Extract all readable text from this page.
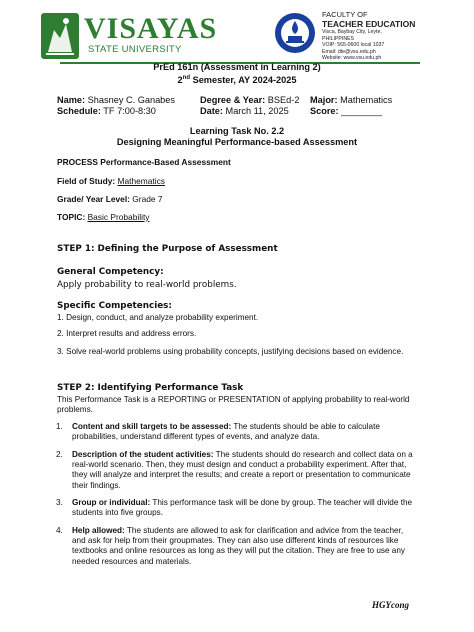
VISAYAS
STATE UNIVERSITY
FACULTY OF
TEACHER EDUCATION
Visca, Baybay City, Leyte,
PHILIPPINES
VOIP: 565-0600 local 1037
Email: dte@vsu.edu.ph
Website: www.vsu.edu.ph
PrEd 161n (Assessment in Learning 2)
2nd Semester, AY 2024-2025
Name: Shasney C. Ganabes	Degree & Year: BSEd-2 Major: Mathematics
Schedule: TF 7:00-8:30	Date: March 11, 2025 Score: ________
Learning Task No. 2.2
Designing Meaningful Performance-based Assessment
PROCESS Performance-Based Assessment
Field of Study: Mathematics
Grade/ Year Level: Grade 7
TOPIC: Basic Probability
STEP 1: Defining the Purpose of Assessment
General Competency:
Apply probability to real-world problems.
Specific Competencies:
1. Design, conduct, and analyze probability experiment.
2. Interpret results and address errors.
3. Solve real-world problems using probability concepts, justifying decisions based on evidence.
STEP 2: Identifying Performance Task
This Performance Task is a REPORTING or PRESENTATION of applying probability to real-world problems.
1. Content and skill targets to be assessed: The students should be able to calculate probabilities, understand different types of events, and analyze data.
2. Description of the student activities: The students should do research and collect data on a real-world scenario. Then, they must design and conduct a probability experiment. After that, they will analyze and interpret the results; and create a report or presentation to communicate their findings.
3. Group or individual: This performance task will be done by group. The teacher will divide the students into five groups.
4. Help allowed: The students are allowed to ask for clarification and advice from the teacher, and ask for help from their groupmates. They can also use different kinds of resources like textbooks and online resources as long as they will put the citation. They are free to use any needed resources and materials.
HGYcong
